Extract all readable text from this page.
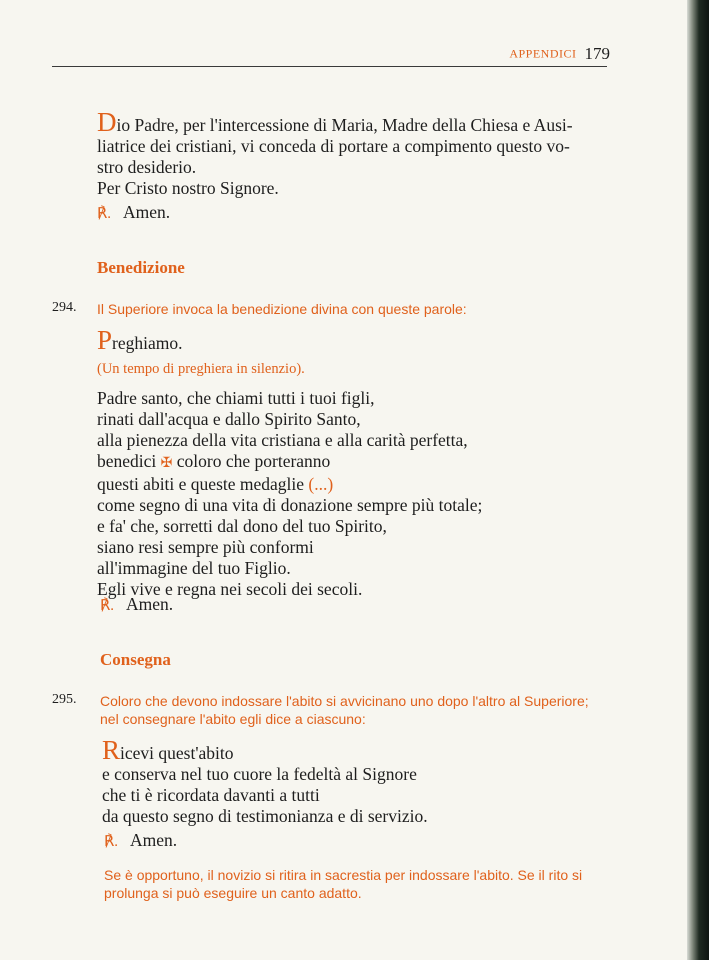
APPENDICI 179
Dio Padre, per l'intercessione di Maria, Madre della Chiesa e Ausi-
liatrice dei cristiani, vi conceda di portare a compimento questo vo-
stro desiderio.
Per Cristo nostro Signore.
℟. Amen.
Benedizione
294. Il Superiore invoca la benedizione divina con queste parole:
Preghiamo.
(Un tempo di preghiera in silenzio).
Padre santo, che chiami tutti i tuoi figli,
rinati dall'acqua e dallo Spirito Santo,
alla pienezza della vita cristiana e alla carità perfetta,
benedici ✠ coloro che porteranno
questi abiti e queste medaglie (...)
come segno di una vita di donazione sempre più totale;
e fa' che, sorretti dal dono del tuo Spirito,
siano resi sempre più conformi
all'immagine del tuo Figlio.
Egli vive e regna nei secoli dei secoli.
℟. Amen.
Consegna
295. Coloro che devono indossare l'abito si avvicinano uno dopo l'altro al Superiore;
nel consegnare l'abito egli dice a ciascuno:
Ricevi quest'abito
e conserva nel tuo cuore la fedeltà al Signore
che ti è ricordata davanti a tutti
da questo segno di testimonianza e di servizio.
℟. Amen.
Se è opportuno, il novizio si ritira in sacrestia per indossare l'abito. Se il rito si
prolunga si può eseguire un canto adatto.
